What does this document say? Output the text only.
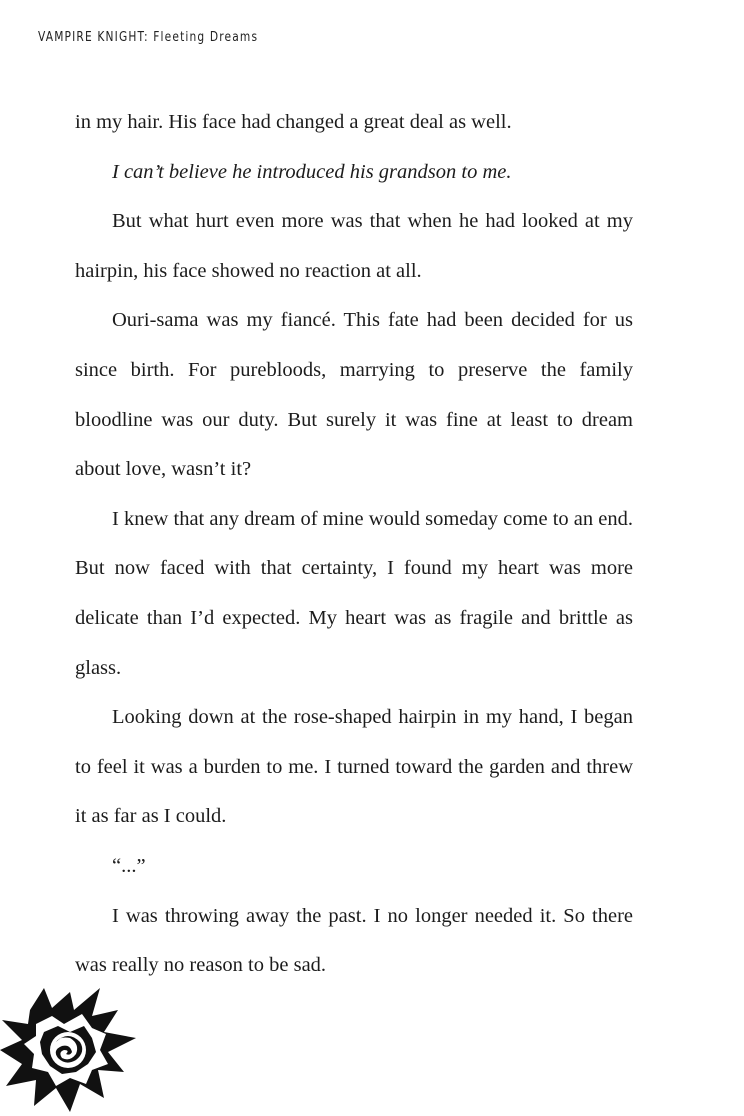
VAMPIRE KNIGHT: Fleeting Dreams

in my hair. His face had changed a great deal as well.

I can’t believe he introduced his grandson to me.

But what hurt even more was that when he had looked at my hairpin, his face showed no reaction at all.

Ouri-sama was my fiancé. This fate had been decided for us since birth. For purebloods, marrying to preserve the family bloodline was our duty. But surely it was fine at least to dream about love, wasn’t it?

I knew that any dream of mine would someday come to an end. But now faced with that certainty, I found my heart was more delicate than I’d expected. My heart was as fragile and brittle as glass.

Looking down at the rose-shaped hairpin in my hand, I began to feel it was a burden to me. I turned toward the garden and threw it as far as I could.

“...”

I was throwing away the past. I no longer needed it. So there was really no reason to be sad.
